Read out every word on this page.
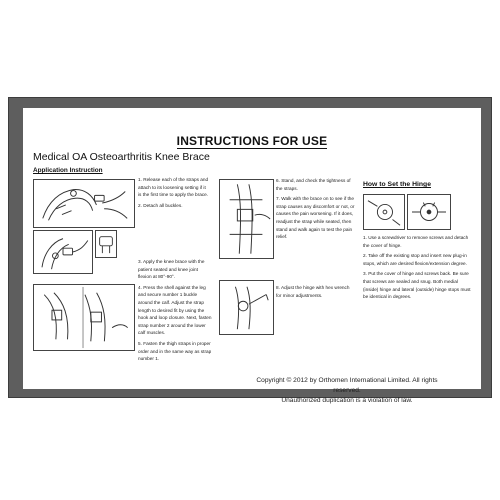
INSTRUCTIONS FOR USE
Medical OA Osteoarthritis Knee Brace
Application Instruction
1. Release each of the straps and attach to its loosening setting if it is the first time to apply the brace.
2. Detach all buckles.
3. Apply the knee brace with the patient seated and knee joint flexion at 80°-90°.
4. Press the shell against the leg and secure number 1 buckle around the calf. Adjust the strap length to desired fit by using the hook and loop closure. Next, fasten strap number 2 around the lower calf muscles.
5. Fasten the thigh straps in proper order and in the same way as strap number 1.
6. Stand, and check the tightness of the straps.
7. Walk with the brace on to see if the strap causes any discomfort or not, or causes the pain worsening. If it does, readjust the strap while seated, then stand and walk again to test the pain relief.
8. Adjust the hinge with hex wrench for minor adjustments.
How to Set the Hinge
1. Use a screwdriver to remove screws and detach the cover of hinge.
2. Take off the existing stop and insert new plug-in stops, which are desired flexion/extension degree.
3. Put the cover of hinge and screws back. Be sure that screws are sealed and snug. Both medial (inside) hinge and lateral (outside) hinge stops must be identical in degrees.
Copyright © 2012 by Orthomen International Limited. All rights reserved.
Unauthorized duplication is a violation of law.
